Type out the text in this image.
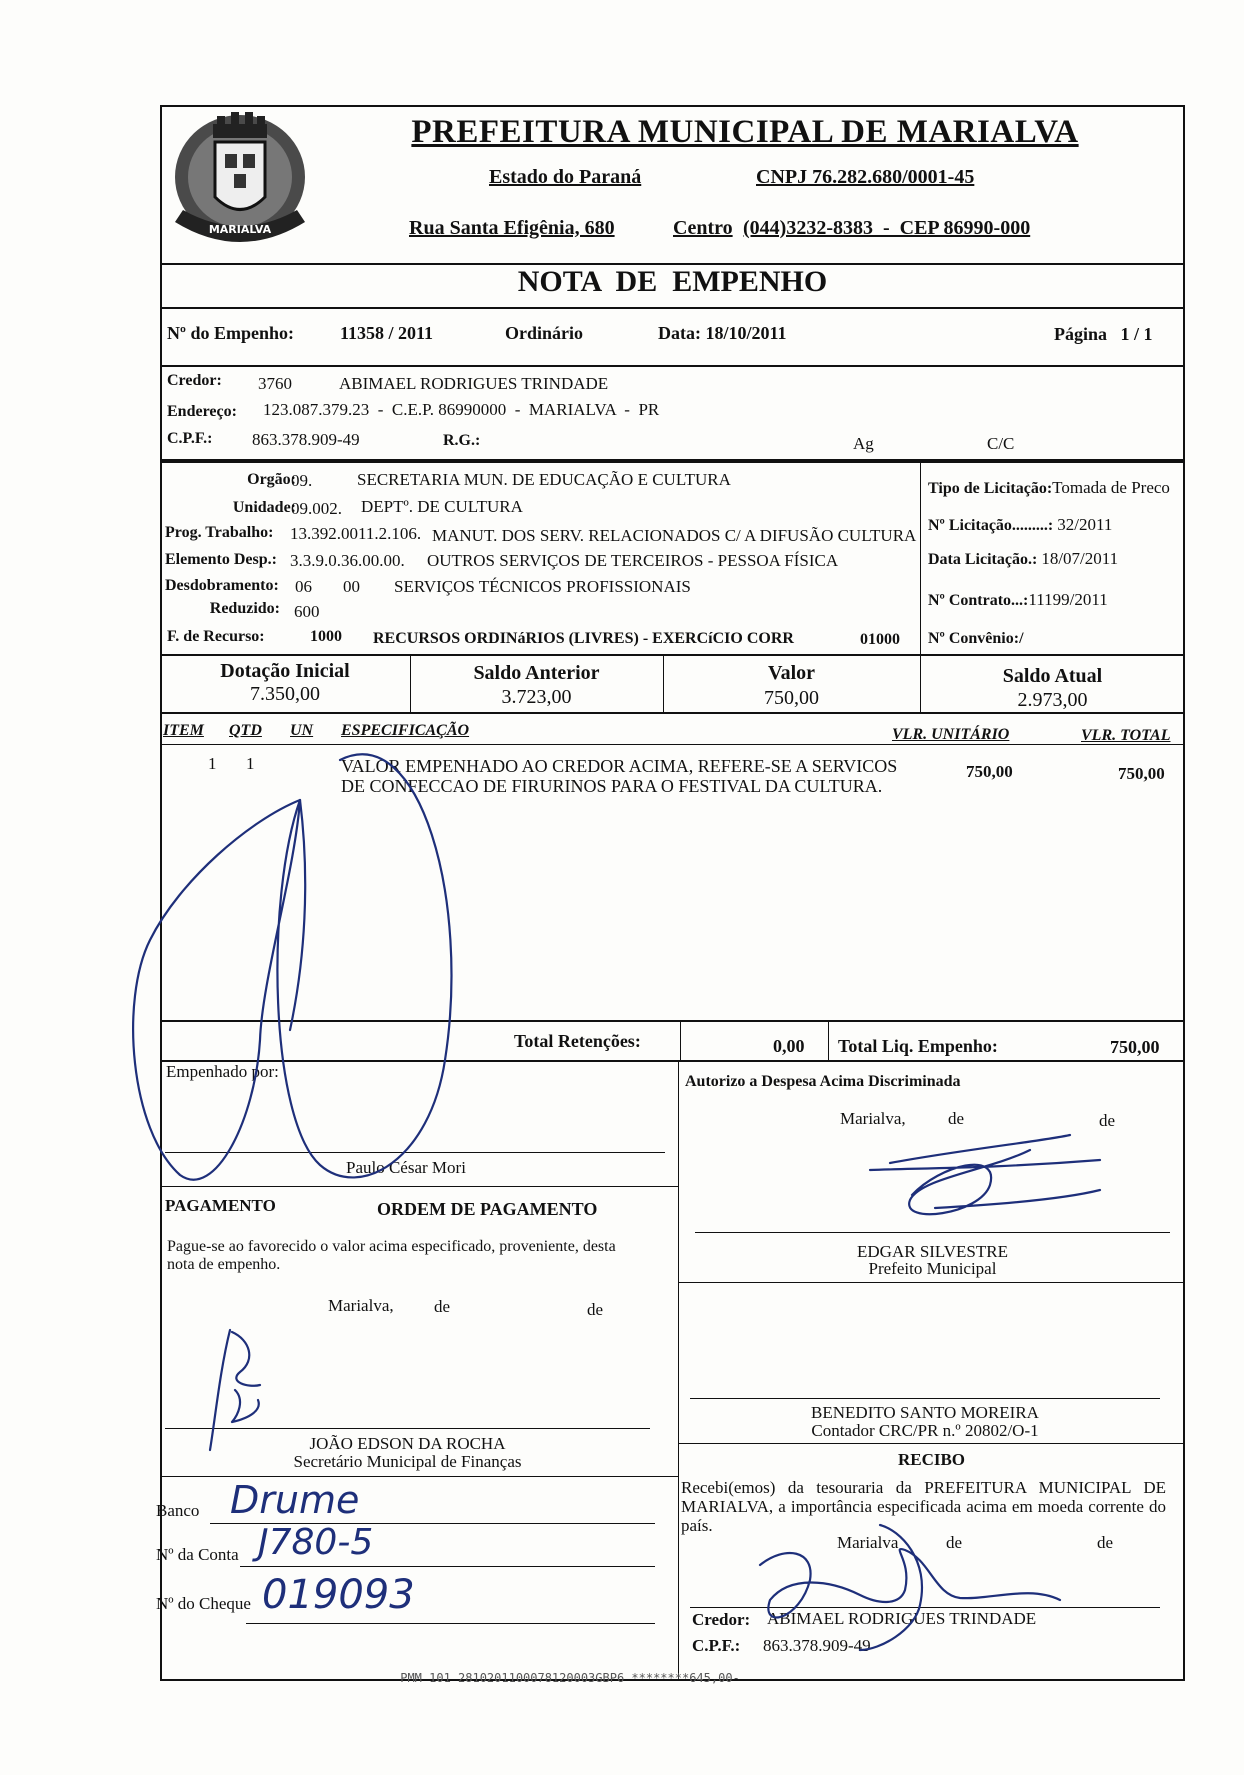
MARIALVA
PREFEITURA MUNICIPAL DE MARIALVA
Estado do Paraná	CNPJ 76.282.680/0001-45
Rua Santa Efigênia, 680	Centro (044)3232-8383  -  CEP 86990-000
NOTA  DE  EMPENHO
Nº do Empenho:	11358 / 2011	Ordinário	Data: 18/10/2011	Página   1 / 1
Credor: 3760	ABIMAEL RODRIGUES TRINDADE
Endereço: 123.087.379.23  -  C.E.P. 86990000  -  MARIALVA  -  PR
C.P.F.: 863.378.909-49	R.G.:	Ag	C/C
Orgão:
09.	SECRETARIA MUN. DE EDUCAÇÃO E CULTURA
Unidade:
09.002. DEPTº. DE CULTURA
Prog. Trabalho: 13.392.0011.2.106. MANUT. DOS SERV. RELACIONADOS C/ A DIFUSÃO CULTURA
Elemento Desp.: 3.3.9.0.36.00.00. OUTROS SERVIÇOS DE TERCEIROS - PESSOA FÍSICA
Desdobramento: 06 00 SERVIÇOS TÉCNICOS PROFISSIONAIS
Reduzido: 600
F. de Recurso:	1000 RECURSOS ORDINáRIOS (LIVRES) - EXERCíCIO CORR	01000
Tipo de Licitação:Tomada de Preco
Nº Licitação.........: 32/2011
Data Licitação.: 18/07/2011
Nº Contrato...:11199/2011
Nº Convênio:/
Dotação Inicial
7.350,00
Saldo Anterior
3.723,00
Valor
750,00
Saldo Atual
2.973,00
ITEM QTD UN ESPECIFICAÇÃO	VLR. UNITÁRIO	VLR. TOTAL
1 1	VALOR EMPENHADO AO CREDOR ACIMA, REFERE-SE A SERVICOS
DE CONFECCAO DE FIRURINOS PARA O FESTIVAL DA CULTURA.
750,00	750,00
Total Retenções:	0,00 Total Liq. Empenho:	750,00
Empenhado por:
Paulo César Mori
Autorizo a Despesa Acima Discriminada
Marialva, de	de
EDGAR SILVESTRE
Prefeito Municipal
PAGAMENTO	ORDEM DE PAGAMENTO
Pague-se ao favorecido o valor acima especificado, proveniente, desta nota de empenho.
Marialva, de	de
JOÃO EDSON DA ROCHA
Secretário Municipal de Finanças
BENEDITO SANTO MOREIRA
Contador CRC/PR n.º 20802/O-1
RECIBO
Recebi(emos) da tesouraria da PREFEITURA MUNICIPAL DE MARIALVA, a importância especificada acima em moeda corrente do país.
Marialva	de	de
Credor: ABIMAEL RODRIGUES TRINDADE
C.P.F.: 863.378.909-49
Banco Drume
Nº da Conta J780-5
Nº do Cheque 019093
PMM 101 2810201100078120003GBP6 ********645,00-
